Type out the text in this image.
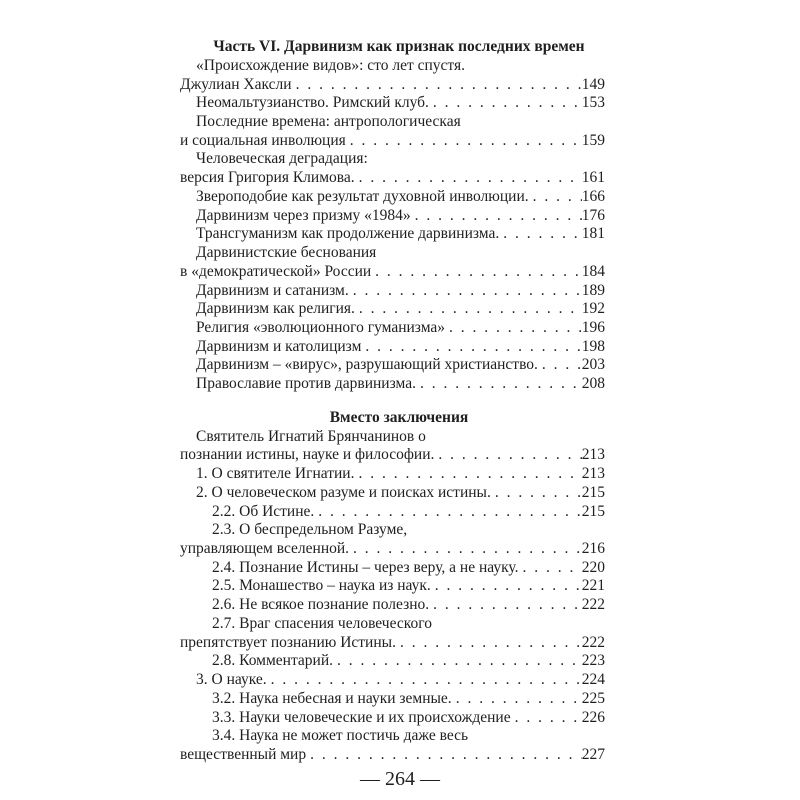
Часть VI. Дарвинизм как признак последних времен
«Происхождение видов»: сто лет спустя.
Джулиан Хаксли . . .	149
Неомальтузианство. Римский клуб. . . .	153
Последние времена: антропологическая
и социальная инволюция . . .	159
Человеческая деградация:
версия Григория Климова. . . .	161
Звероподобие как результат духовной инволюции. . . .	166
Дарвинизм через призму «1984» . . .	176
Трансгуманизм как продолжение дарвинизма. . . .	181
Дарвинистские беснования
в «демократической» России . . .	184
Дарвинизм и сатанизм. . . .	189
Дарвинизм как религия. . . .	192
Религия «эволюционного гуманизма» . . .	196
Дарвинизм и католицизм . . .	198
Дарвинизм – «вирус», разрушающий христианство. . . .	203
Православие против дарвинизма. . . .	208
Вместо заключения
Святитель Игнатий Брянчанинов о
познании истины, науке и философии. . . .	213
1. О святителе Игнатии. . . .	213
2. О человеческом разуме и поисках истины. . . .	215
2.2. Об Истине. . . .	215
2.3. О беспредельном Разуме,
управляющем вселенной. . . .	216
2.4. Познание Истины – через веру, а не науку. . . .	220
2.5. Монашество – наука из наук. . . .	221
2.6. Не всякое познание полезно. . . .	222
2.7. Враг спасения человеческого
препятствует познанию Истины. . . .	222
2.8. Комментарий. . . .	223
3. О науке. . . .	224
3.2. Наука небесная и науки земные. . . .	225
3.3. Науки человеческие и их происхождение . . .	226
3.4. Наука не может постичь даже весь
вещественный мир . . .	227
— 264 —
